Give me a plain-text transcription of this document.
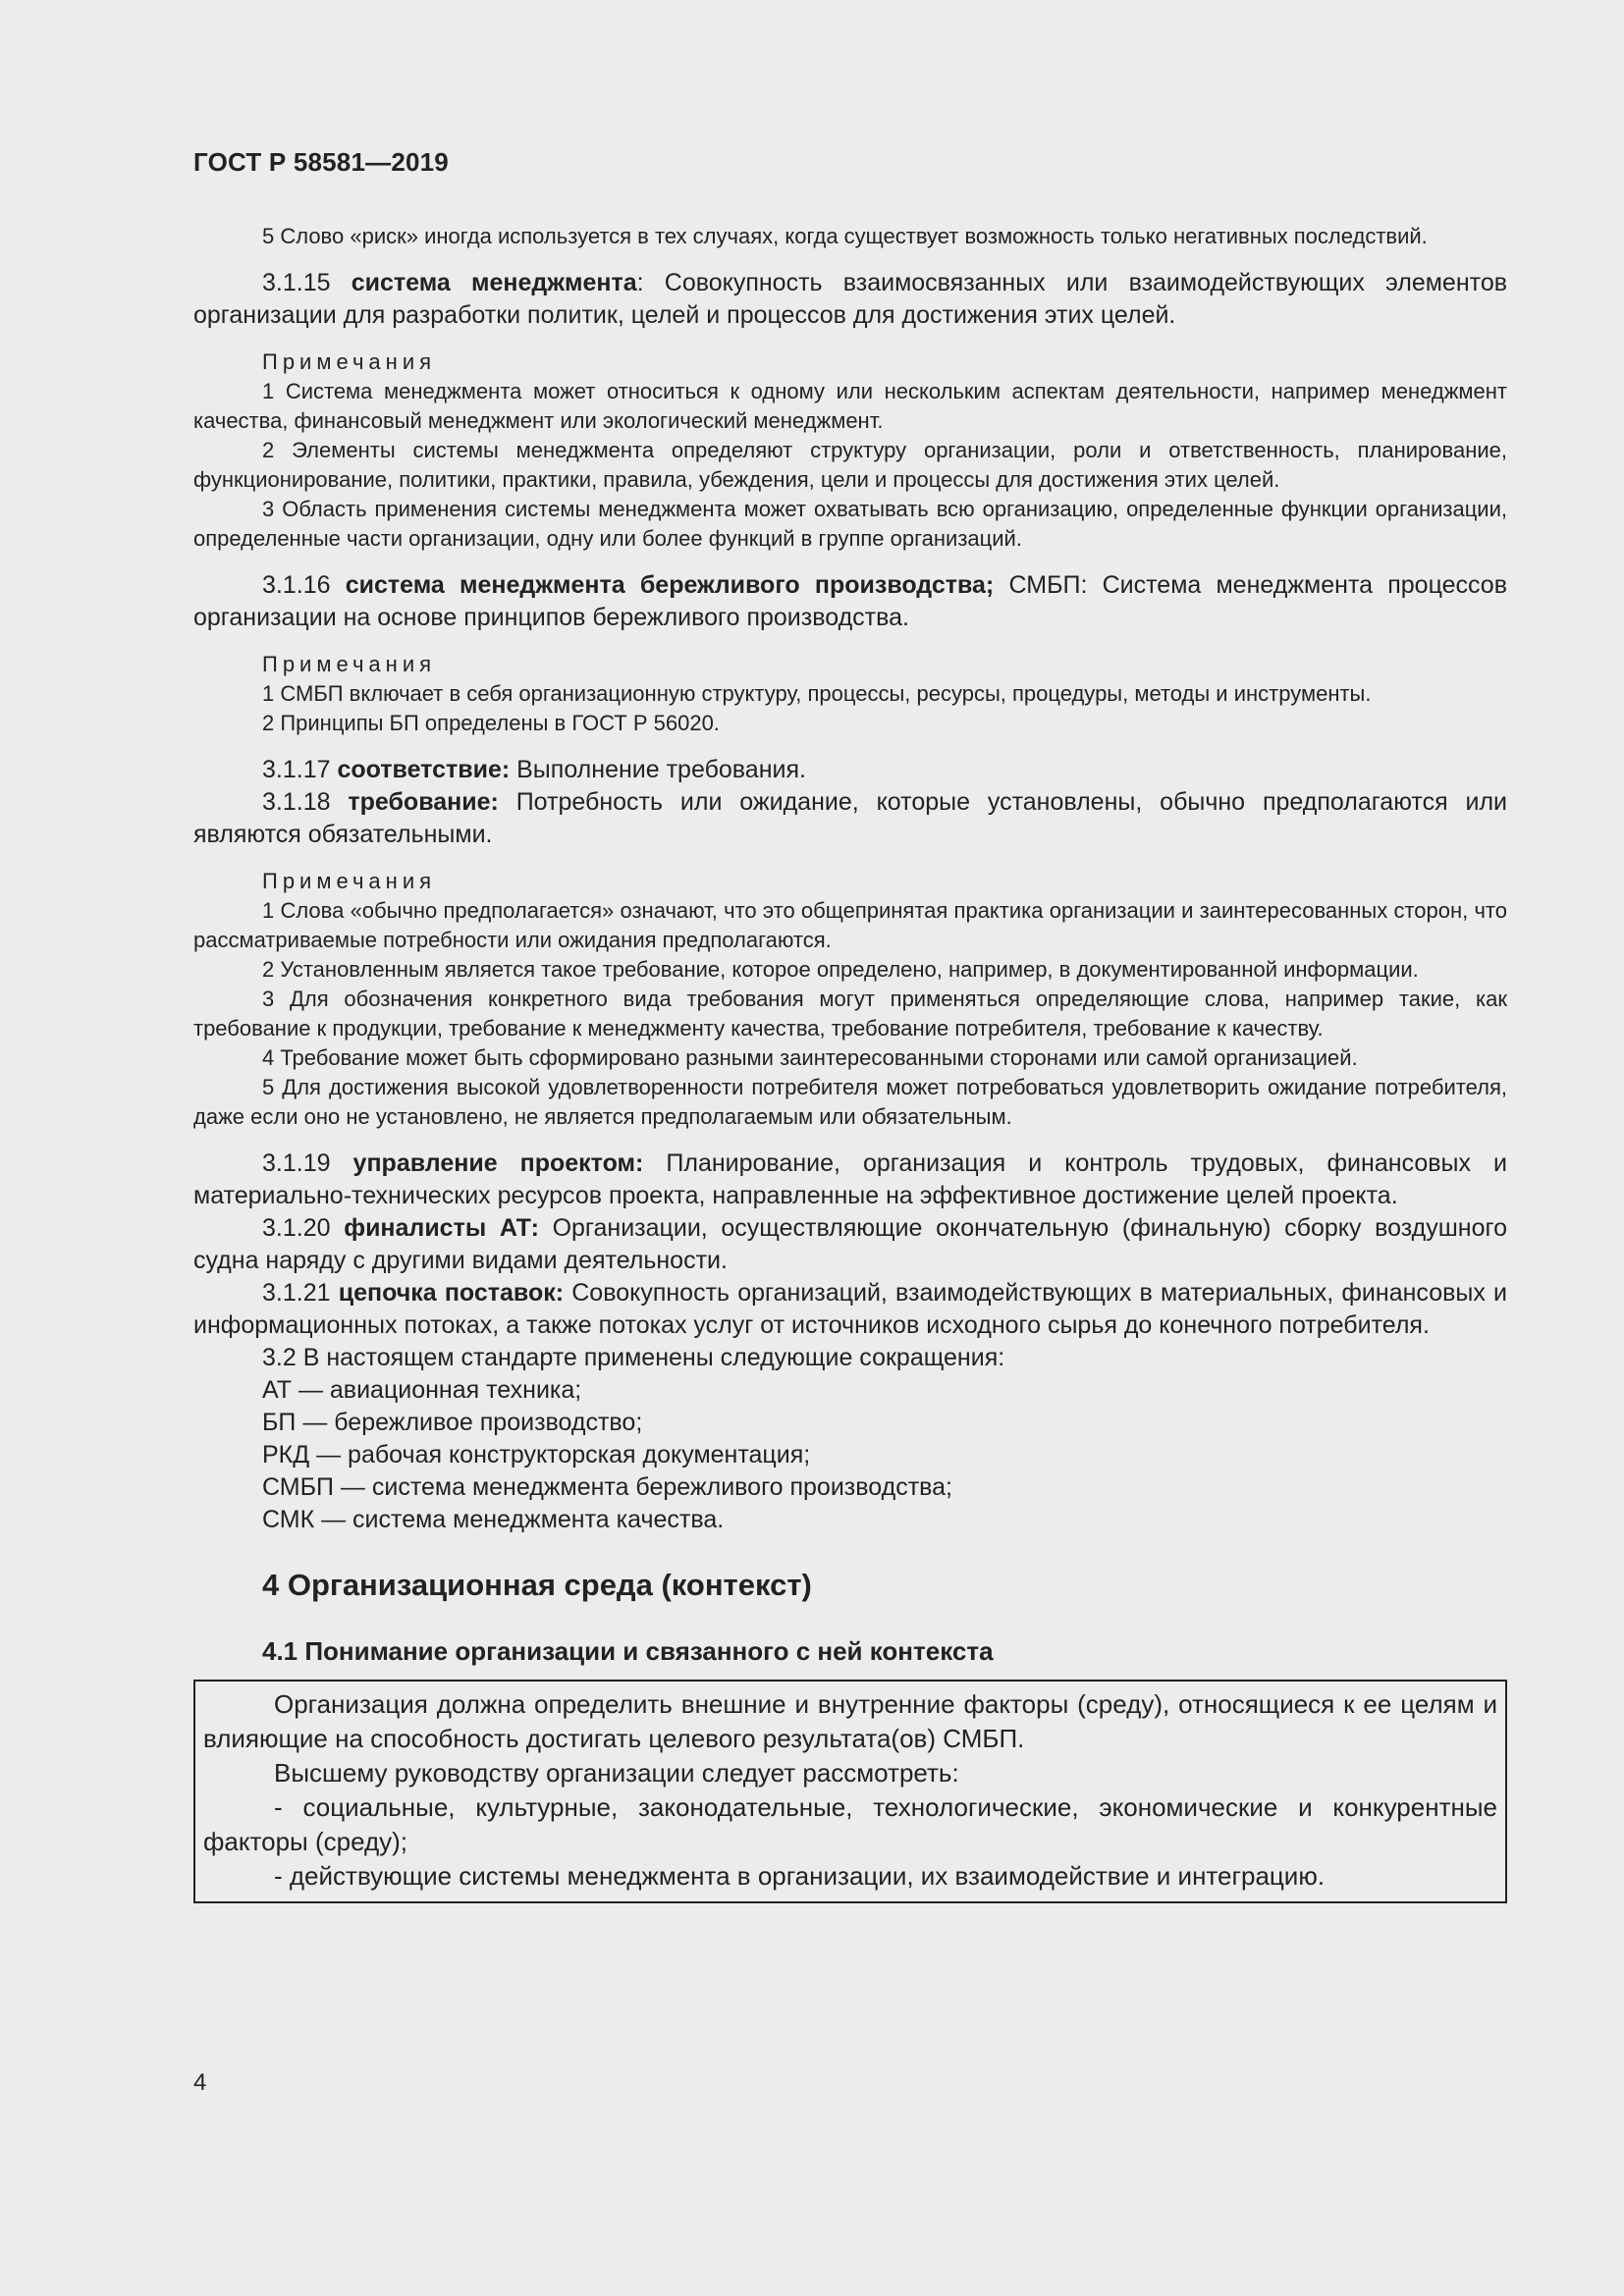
ГОСТ Р 58581—2019

5 Слово «риск» иногда используется в тех случаях, когда существует возможность только негативных последствий.

3.1.15 система менеджмента: Совокупность взаимосвязанных или взаимодействующих элементов организации для разработки политик, целей и процессов для достижения этих целей.

Примечания

1 Система менеджмента может относиться к одному или нескольким аспектам деятельности, например менеджмент качества, финансовый менеджмент или экологический менеджмент.

2 Элементы системы менеджмента определяют структуру организации, роли и ответственность, планирование, функционирование, политики, практики, правила, убеждения, цели и процессы для достижения этих целей.

3 Область применения системы менеджмента может охватывать всю организацию, определенные функции организации, определенные части организации, одну или более функций в группе организаций.

3.1.16 система менеджмента бережливого производства; СМБП: Система менеджмента процессов организации на основе принципов бережливого производства.

Примечания

1 СМБП включает в себя организационную структуру, процессы, ресурсы, процедуры, методы и инструменты.

2 Принципы БП определены в ГОСТ Р 56020.

3.1.17 соответствие: Выполнение требования.

3.1.18 требование: Потребность или ожидание, которые установлены, обычно предполагаются или являются обязательными.

Примечания

1 Слова «обычно предполагается» означают, что это общепринятая практика организации и заинтересованных сторон, что рассматриваемые потребности или ожидания предполагаются.

2 Установленным является такое требование, которое определено, например, в документированной информации.

3 Для обозначения конкретного вида требования могут применяться определяющие слова, например такие, как требование к продукции, требование к менеджменту качества, требование потребителя, требование к качеству.

4 Требование может быть сформировано разными заинтересованными сторонами или самой организацией.

5 Для достижения высокой удовлетворенности потребителя может потребоваться удовлетворить ожидание потребителя, даже если оно не установлено, не является предполагаемым или обязательным.

3.1.19 управление проектом: Планирование, организация и контроль трудовых, финансовых и материально-технических ресурсов проекта, направленные на эффективное достижение целей проекта.

3.1.20 финалисты АТ: Организации, осуществляющие окончательную (финальную) сборку воздушного судна наряду с другими видами деятельности.

3.1.21 цепочка поставок: Совокупность организаций, взаимодействующих в материальных, финансовых и информационных потоках, а также потоках услуг от источников исходного сырья до конечного потребителя.

3.2 В настоящем стандарте применены следующие сокращения:

АТ — авиационная техника;

БП — бережливое производство;

РКД — рабочая конструкторская документация;

СМБП — система менеджмента бережливого производства;

СМК — система менеджмента качества.

4 Организационная среда (контекст)
4.1 Понимание организации и связанного с ней контекста

Организация должна определить внешние и внутренние факторы (среду), относящиеся к ее целям и влияющие на способность достигать целевого результата(ов) СМБП.

Высшему руководству организации следует рассмотреть:

- социальные, культурные, законодательные, технологические, экономические и конкурентные факторы (среду);

- действующие системы менеджмента в организации, их взаимодействие и интеграцию.

4
